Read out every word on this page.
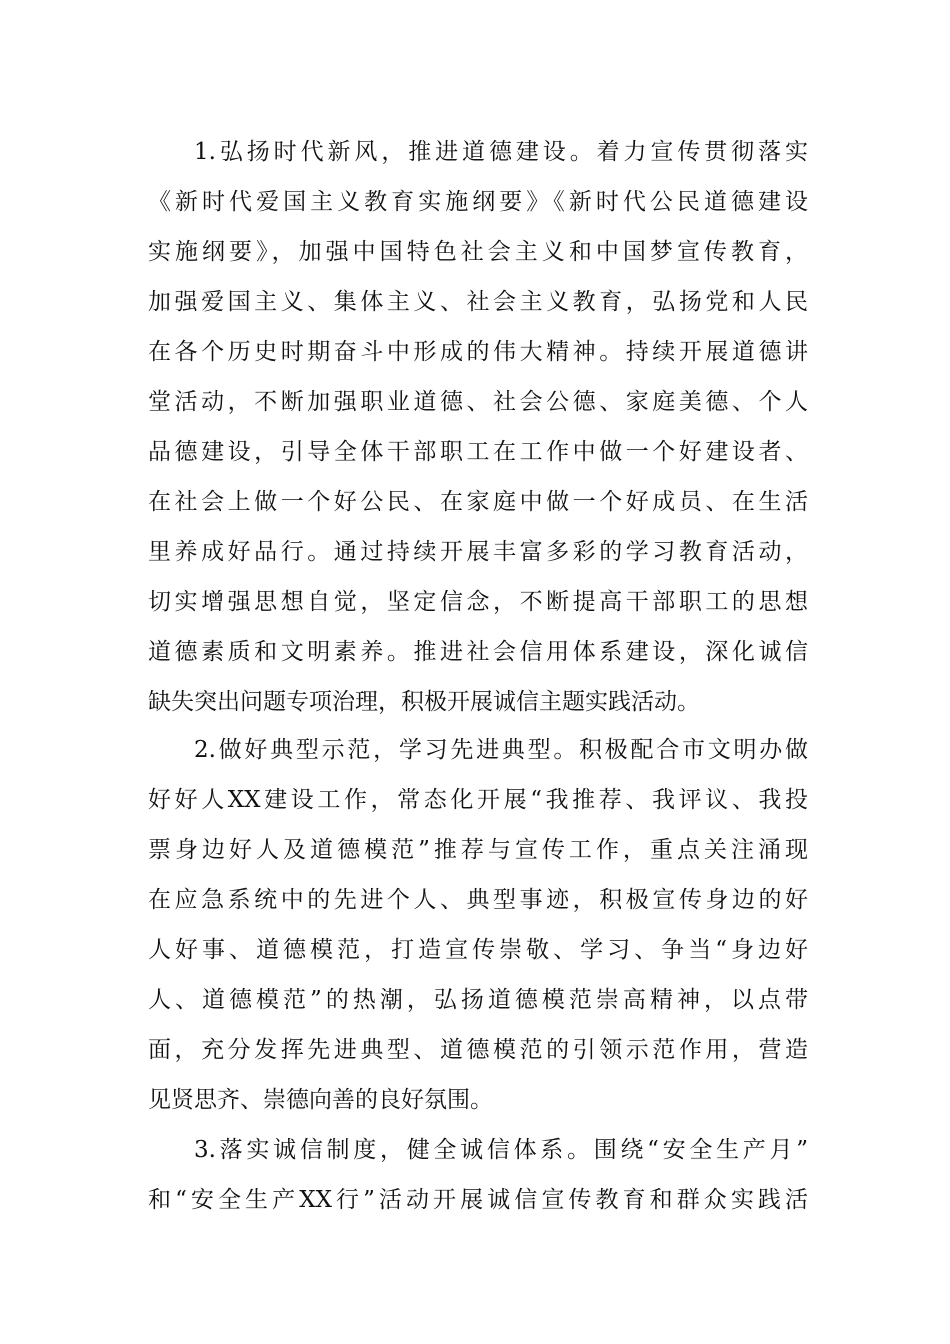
1.弘扬时代新风，推进道德建设。着力宣传贯彻落实
《新时代爱国主义教育实施纲要》《新时代公民道德建设
实施纲要》，加强中国特色社会主义和中国梦宣传教育，
加强爱国主义、集体主义、社会主义教育，弘扬党和人民
在各个历史时期奋斗中形成的伟大精神。持续开展道德讲
堂活动，不断加强职业道德、社会公德、家庭美德、个人
品德建设，引导全体干部职工在工作中做一个好建设者、
在社会上做一个好公民、在家庭中做一个好成员、在生活
里养成好品行。通过持续开展丰富多彩的学习教育活动，
切实增强思想自觉，坚定信念，不断提高干部职工的思想
道德素质和文明素养。推进社会信用体系建设，深化诚信
缺失突出问题专项治理，积极开展诚信主题实践活动。
2.做好典型示范，学习先进典型。积极配合市文明办做
好好人XX建设工作，常态化开展“我推荐、我评议、我投
票身边好人及道德模范”推荐与宣传工作，重点关注涌现
在应急系统中的先进个人、典型事迹，积极宣传身边的好
人好事、道德模范，打造宣传崇敬、学习、争当“身边好
人、道德模范”的热潮，弘扬道德模范崇高精神，以点带
面，充分发挥先进典型、道德模范的引领示范作用，营造
见贤思齐、崇德向善的良好氛围。
3.落实诚信制度，健全诚信体系。围绕“安全生产月”
和“安全生产XX行”活动开展诚信宣传教育和群众实践活
